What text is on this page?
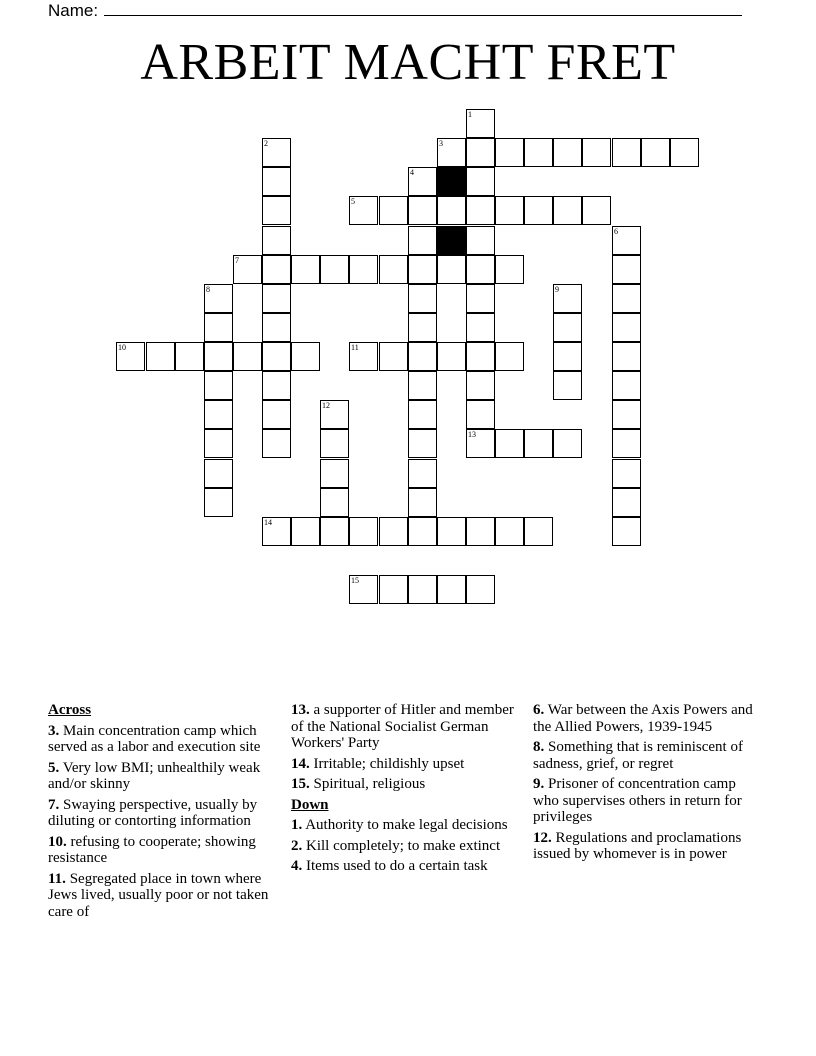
Name:
ARBEIT MACHT FRET
1
2	3
4
5
6
7
8	9
10	11
12
13
14
15
Across
3. Main concentration camp which served as a labor and execution site
5. Very low BMI; unhealthily weak and/or skinny
7. Swaying perspective, usually by diluting or contorting information
10. refusing to cooperate; showing resistance
11. Segregated place in town where Jews lived, usually poor or not taken care of
13. a supporter of Hitler and member of the National Socialist German Workers' Party
14. Irritable; childishly upset
15. Spiritual, religious
Down
1. Authority to make legal decisions
2. Kill completely; to make extinct
4. Items used to do a certain task
6. War between the Axis Powers and the Allied Powers, 1939-1945
8. Something that is reminiscent of sadness, grief, or regret
9. Prisoner of concentration camp who supervises others in return for privileges
12. Regulations and proclamations issued by whomever is in power
